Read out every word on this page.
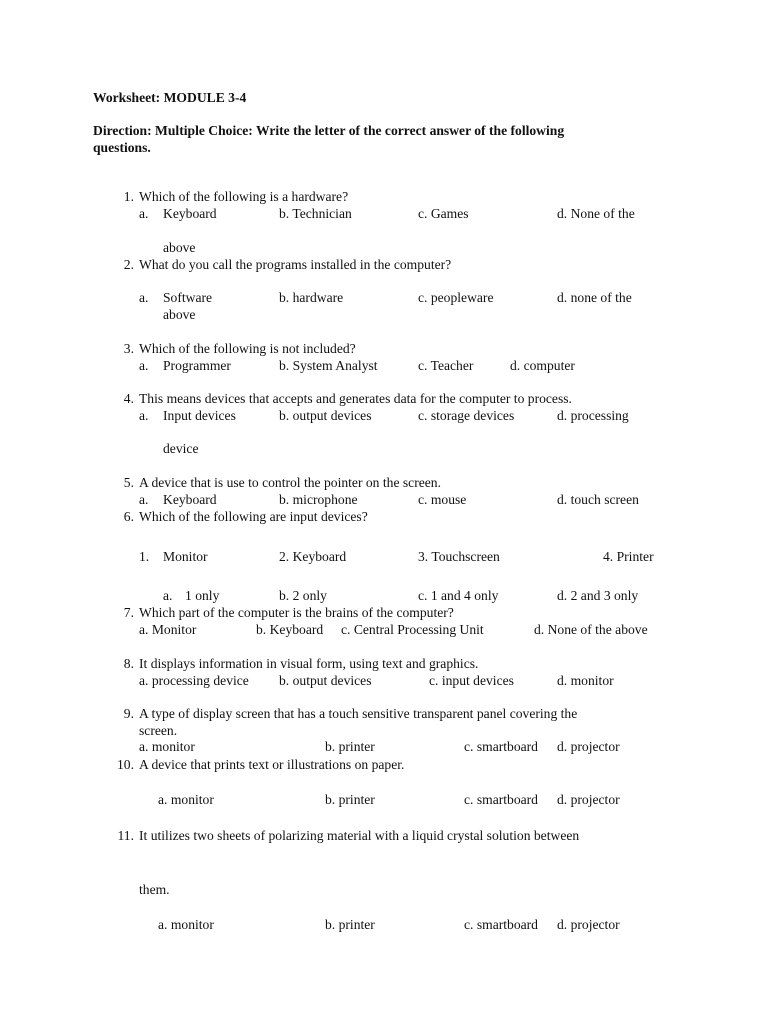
Worksheet: MODULE 3-4
Direction: Multiple Choice: Write the letter of the correct answer of the following
questions.
1. Which of the following is a hardware?
a. Keyboard	b. Technician	c. Games	d. None of the
above
2. What do you call the programs installed in the computer?
a. Software	b. hardware	c. peopleware	d. none of the
above
3. Which of the following is not included?
a. Programmer	b. System Analyst	c. Teacher	d. computer
4. This means devices that accepts and generates data for the computer to process.
a. Input devices	b. output devices	c. storage devices	d. processing
device
5. A device that is use to control the pointer on the screen.
a. Keyboard	b. microphone	c. mouse	d. touch screen
6. Which of the following are input devices?
1. Monitor	2. Keyboard	3. Touchscreen	4. Printer
a. 1 only	b. 2 only	c. 1 and 4 only	d. 2 and 3 only
7. Which part of the computer is the brains of the computer?
a. Monitor	b. Keyboard c. Central Processing Unit	d. None of the above
8. It displays information in visual form, using text and graphics.
a. processing device b. output devices	c. input devices	d. monitor
9. A type of display screen that has a touch sensitive transparent panel covering the
screen.
a. monitor	b. printer	c. smartboard d. projector
10. A device that prints text or illustrations on paper.
a. monitor	b. printer	c. smartboard d. projector
11. It utilizes two sheets of polarizing material with a liquid crystal solution between
them.
a. monitor	b. printer	c. smartboard d. projector
